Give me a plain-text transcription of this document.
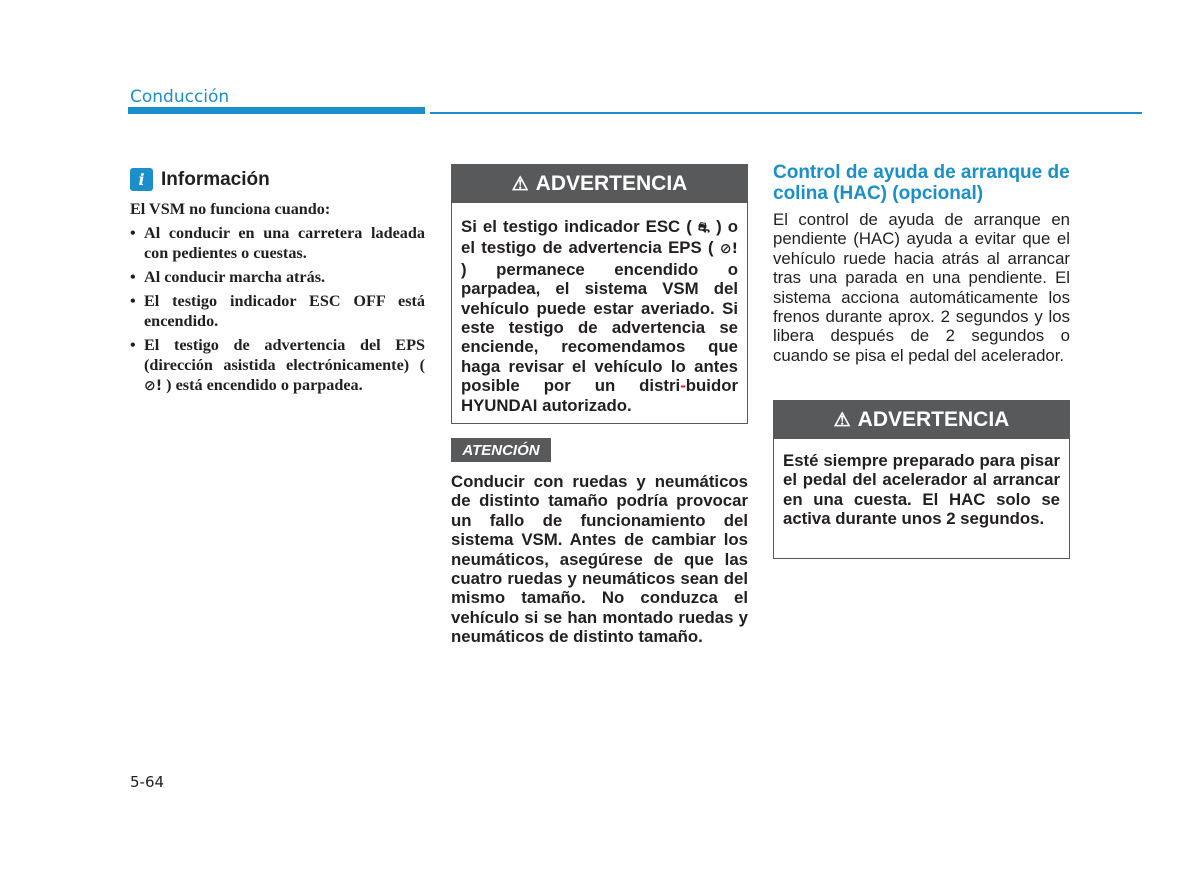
Conducción
i Información

El VSM no funciona cuando:

• Al conducir en una carretera ladeada con pedientes o cuestas.
• Al conducir marcha atrás.
• El testigo indicador ESC OFF está encendido.
• El testigo de advertencia del EPS (dirección asistida electrónicamente) ( ⊘! ) está encendido o parpadea.
⚠ ADVERTENCIA
Si el testigo indicador ESC ( ⛐ ) o el testigo de advertencia EPS ( ⊘! ) permanece encendido o parpadea, el sistema VSM del vehículo puede estar averiado. Si este testigo de advertencia se enciende, recomendamos que haga revisar el vehículo lo antes posible por un distri-buidor HYUNDAI autorizado.
ATENCIÓN
Conducir con ruedas y neumáticos de distinto tamaño podría provocar un fallo de funcionamiento del sistema VSM. Antes de cambiar los neumáticos, asegúrese de que las cuatro ruedas y neumáticos sean del mismo tamaño. No conduzca el vehículo si se han montado ruedas y neumáticos de distinto tamaño.
Control de ayuda de arranque de colina (HAC) (opcional)
El control de ayuda de arranque en pendiente (HAC) ayuda a evitar que el vehículo ruede hacia atrás al arrancar tras una parada en una pendiente. El sistema acciona automáticamente los frenos durante aprox. 2 segundos y los libera después de 2 segundos o cuando se pisa el pedal del acelerador.
⚠ ADVERTENCIA
Esté siempre preparado para pisar el pedal del acelerador al arrancar en una cuesta. El HAC solo se activa durante unos 2 segundos.
5-64
